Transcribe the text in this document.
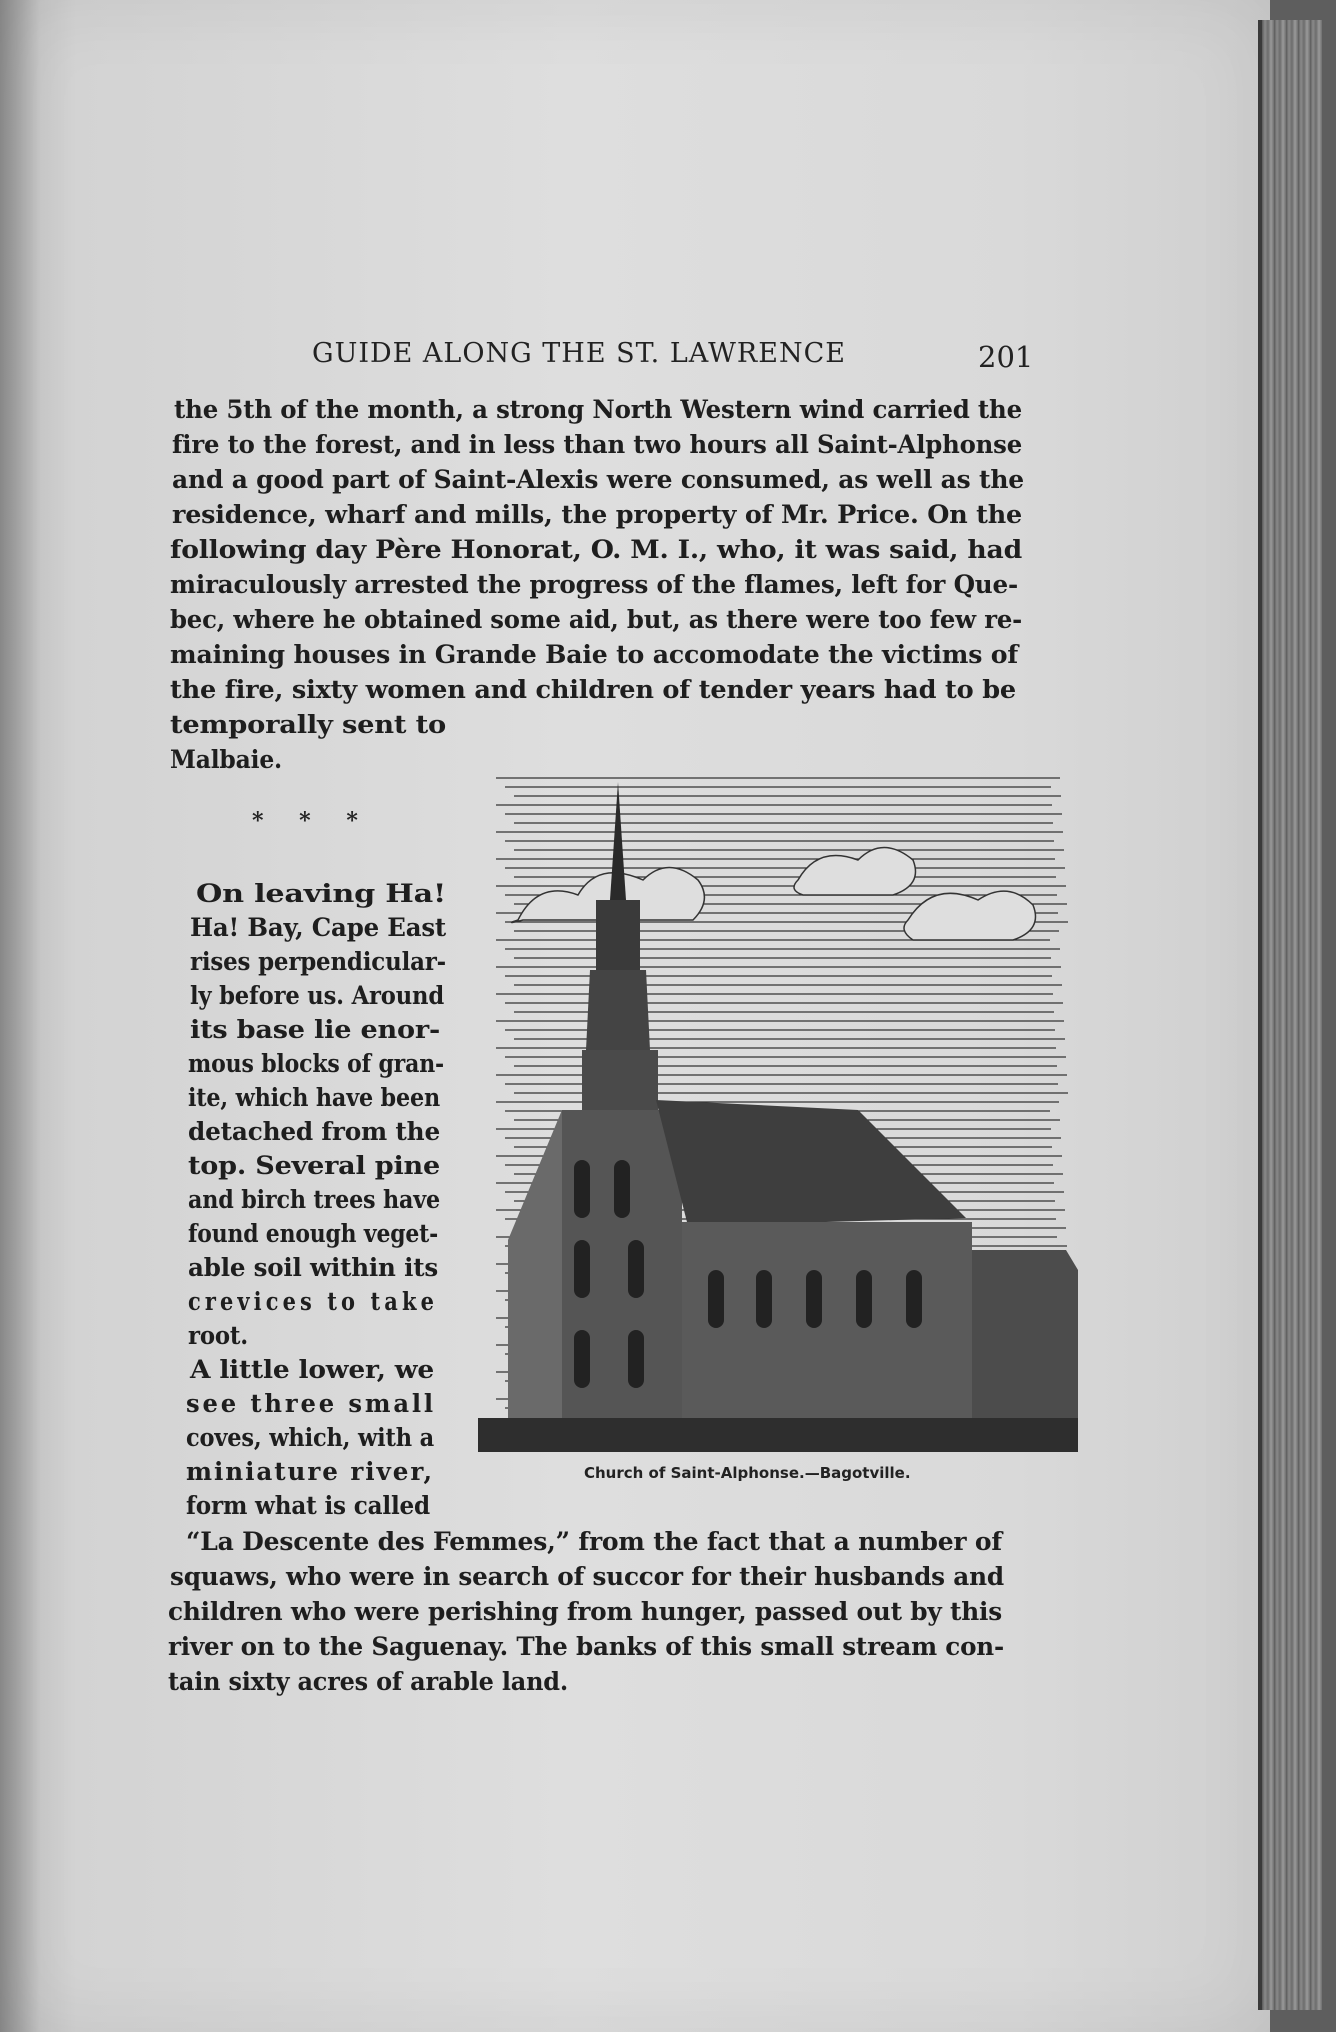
GUIDE ALONG THE ST. LAWRENCE	201
the 5th of the month, a strong North Western wind carried the
fire to the forest, and in less than two hours all Saint-Alphonse
and a good part of Saint-Alexis were consumed, as well as the
residence, wharf and mills, the property of Mr. Price. On the
following day Père Honorat, O. M. I., who, it was said, had
miraculously arrested the progress of the flames, left for Que-
bec, where he obtained some aid, but, as there were too few re-
maining houses in Grande Baie to accomodate the victims of
the fire, sixty women and children of tender years had to be
temporally sent to
Malbaie.
* * *
On leaving Ha!
Ha! Bay, Cape East
rises perpendicular-
ly before us. Around
its base lie enor-
mous blocks of gran-
ite, which have been
detached from the
top. Several pine
and birch trees have
found enough veget-
able soil within its
crevices to take
root.
A little lower, we
see three small
coves, which, with a
miniature river,
form what is called
“La Descente des Femmes,” from the fact that a number of
squaws, who were in search of succor for their husbands and
children who were perishing from hunger, passed out by this
river on to the Saguenay. The banks of this small stream con-
tain sixty acres of arable land.
Church of Saint-Alphonse.—Bagotville.
